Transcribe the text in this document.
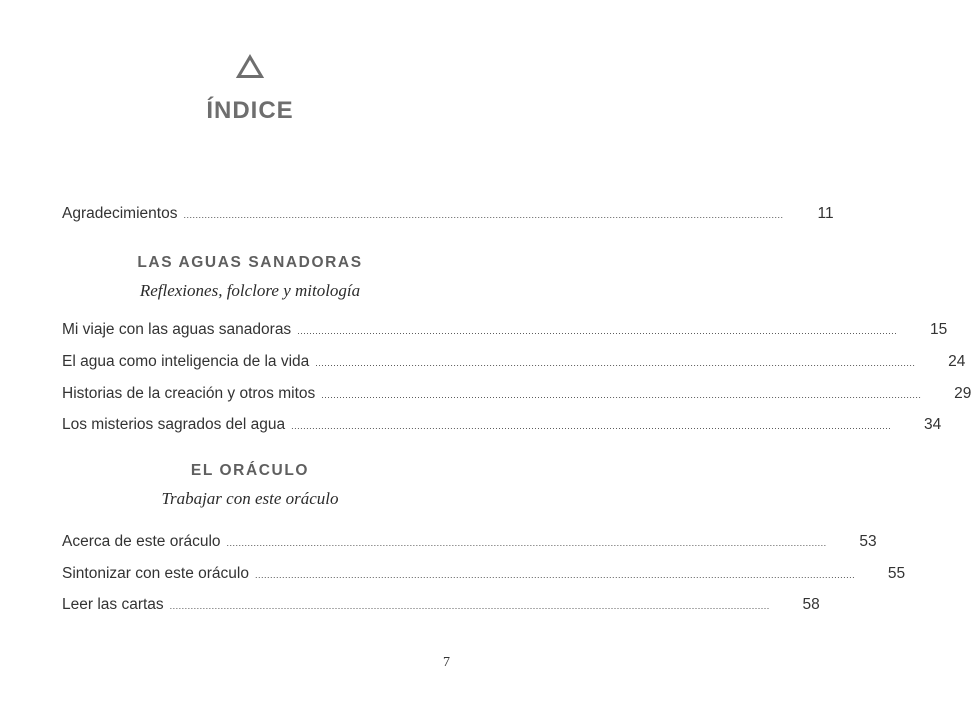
ÍNDICE
Agradecimientos ........................................................................................................................................................................................................	11
LAS AGUAS SANADORAS
Reflexiones, folclore y mitología
Mi viaje con las aguas sanadoras ........................................................................................................................................................................................................	15
El agua como inteligencia de la vida ........................................................................................................................................................................................................	24
Historias de la creación y otros mitos ........................................................................................................................................................................................................	29
Los misterios sagrados del agua ........................................................................................................................................................................................................	34
EL ORÁCULO
Trabajar con este oráculo
Acerca de este oráculo ........................................................................................................................................................................................................	53
Sintonizar con este oráculo ........................................................................................................................................................................................................	55
Leer las cartas ........................................................................................................................................................................................................	58
7
